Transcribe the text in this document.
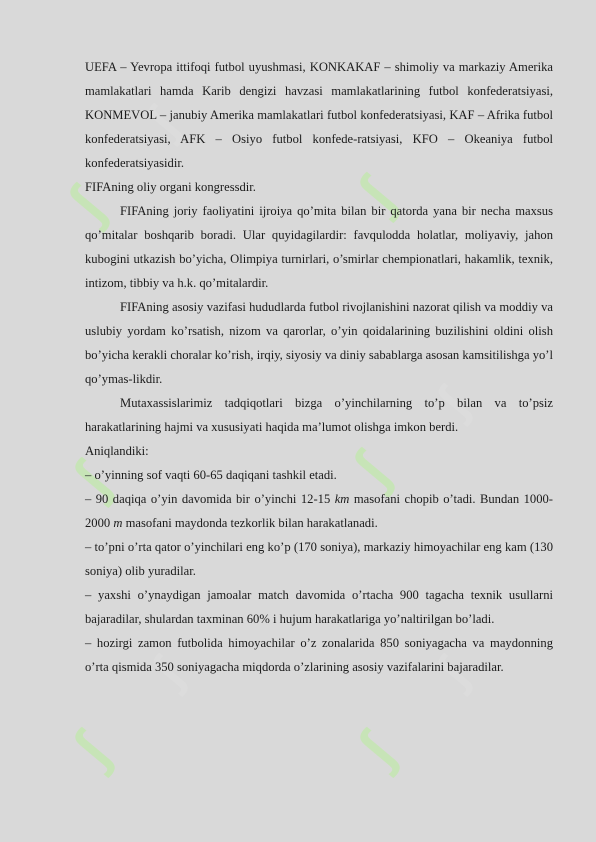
ʃ	ʃ
ʃ
ʃ
ʃ	ʃ
ʃ
ʃ
ʃ	ʃ

UEFA – Yevropa ittifoqi futbol uyushmasi, KONKAKAF – shimoliy va markaziy Amerika mamlakatlari hamda Karib dengizi havzasi mamlakatlarining futbol konfederatsiyasi, KONMEVOL – janubiy Amerika mamlakatlari futbol konfederatsiyasi, KAF – Afrika futbol konfederatsiyasi, AFK – Osiyo futbol konfede-ratsiyasi, KFO – Okeaniya futbol konfederatsiyasidir.

FIFAning oliy organi kongressdir.

FIFAning joriy faoliyatini ijroiya qo’mita bilan bir qatorda yana bir necha maxsus qo’mitalar boshqarib boradi. Ular quyidagilardir: favqulodda holatlar, moliyaviy, jahon kubogini utkazish bo’yicha, Olimpiya turnirlari, o’smirlar chempionatlari, hakamlik, texnik, intizom, tibbiy va h.k. qo’mitalardir.

FIFAning asosiy vazifasi hududlarda futbol rivojlanishini nazorat qilish va moddiy va uslubiy yordam ko’rsatish, nizom va qarorlar, o’yin qoidalarining buzilishini oldini olish bo’yicha kerakli choralar ko’rish, irqiy, siyosiy va diniy sabablarga asosan kamsitilishga yo’l qo’ymas-likdir.

Mutaxassislarimiz tadqiqotlari bizga o’yinchilarning to’p bilan va to’psiz harakatlarining hajmi va xususiyati haqida ma’lumot olishga imkon berdi.

Aniqlandiki:

– o’yinning sof vaqti 60-65 daqiqani tashkil etadi.

– 90 daqiqa o’yin davomida bir o’yinchi 12-15 km masofani chopib o’tadi. Bundan 1000-2000 m masofani maydonda tezkorlik bilan harakatlanadi.

– to’pni o’rta qator o’yinchilari eng ko’p (170 soniya), markaziy himoyachilar eng kam (130 soniya) olib yuradilar.

– yaxshi o’ynaydigan jamoalar match davomida o’rtacha 900 tagacha texnik usullarni bajaradilar, shulardan taxminan 60% i hujum harakatlariga yo’naltirilgan bo’ladi.

– hozirgi zamon futbolida himoyachilar o’z zonalarida 850 soniyagacha va maydonning o’rta qismida 350 soniyagacha miqdorda o’zlarining asosiy vazifalarini bajaradilar.
